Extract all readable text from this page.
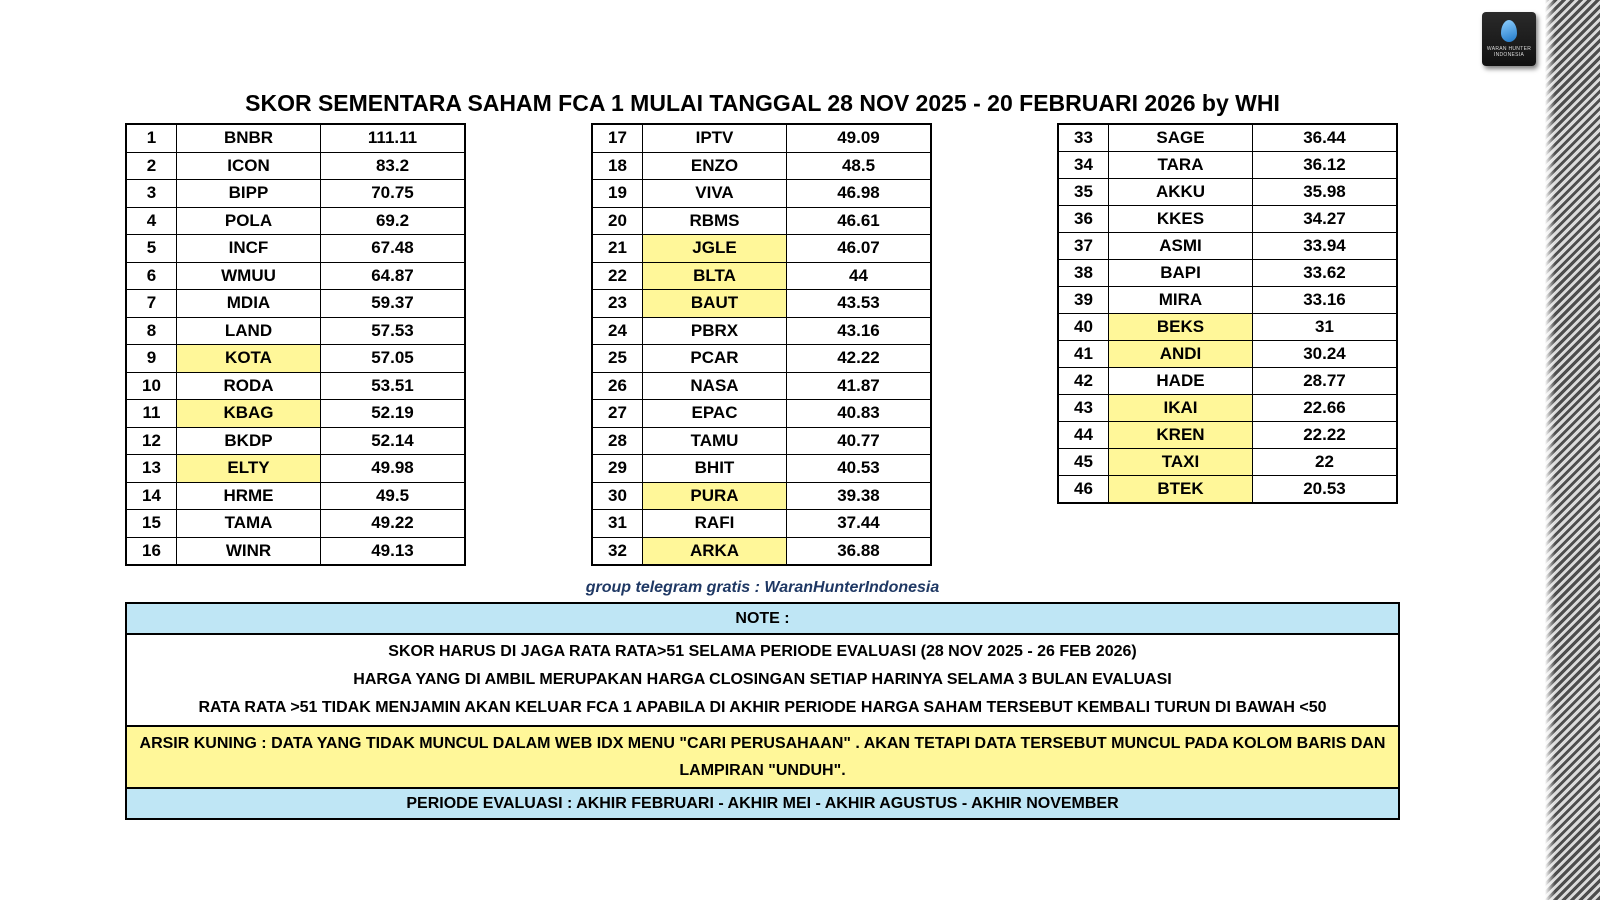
WARAN HUNTER INDONESIA
SKOR SEMENTARA SAHAM FCA 1 MULAI TANGGAL 28 NOV 2025 - 20 FEBRUARI 2026 by WHI
1	BNBR	111.11
2	ICON	83.2
3	BIPP	70.75
4	POLA	69.2
5	INCF	67.48
6	WMUU	64.87
7	MDIA	59.37
8	LAND	57.53
9	KOTA	57.05
10	RODA	53.51
11	KBAG	52.19
12	BKDP	52.14
13	ELTY	49.98
14	HRME	49.5
15	TAMA	49.22
16	WINR	49.13
17	IPTV	49.09
18	ENZO	48.5
19	VIVA	46.98
20	RBMS	46.61
21	JGLE	46.07
22	BLTA	44
23	BAUT	43.53
24	PBRX	43.16
25	PCAR	42.22
26	NASA	41.87
27	EPAC	40.83
28	TAMU	40.77
29	BHIT	40.53
30	PURA	39.38
31	RAFI	37.44
32	ARKA	36.88
33	SAGE	36.44
34	TARA	36.12
35	AKKU	35.98
36	KKES	34.27
37	ASMI	33.94
38	BAPI	33.62
39	MIRA	33.16
40	BEKS	31
41	ANDI	30.24
42	HADE	28.77
43	IKAI	22.66
44	KREN	22.22
45	TAXI	22
46	BTEK	20.53
group telegram gratis : WaranHunterIndonesia
NOTE :
SKOR HARUS DI JAGA RATA RATA>51 SELAMA PERIODE EVALUASI (28 NOV 2025 - 26 FEB 2026)
HARGA YANG DI AMBIL MERUPAKAN HARGA CLOSINGAN SETIAP HARINYA SELAMA 3 BULAN EVALUASI
RATA RATA >51 TIDAK MENJAMIN AKAN KELUAR FCA 1 APABILA DI AKHIR PERIODE HARGA SAHAM TERSEBUT KEMBALI TURUN DI BAWAH <50
ARSIR KUNING : DATA YANG TIDAK MUNCUL DALAM WEB IDX MENU "CARI PERUSAHAAN" . AKAN TETAPI DATA TERSEBUT MUNCUL PADA KOLOM BARIS DAN LAMPIRAN "UNDUH".
PERIODE EVALUASI : AKHIR FEBRUARI - AKHIR MEI - AKHIR AGUSTUS - AKHIR NOVEMBER
